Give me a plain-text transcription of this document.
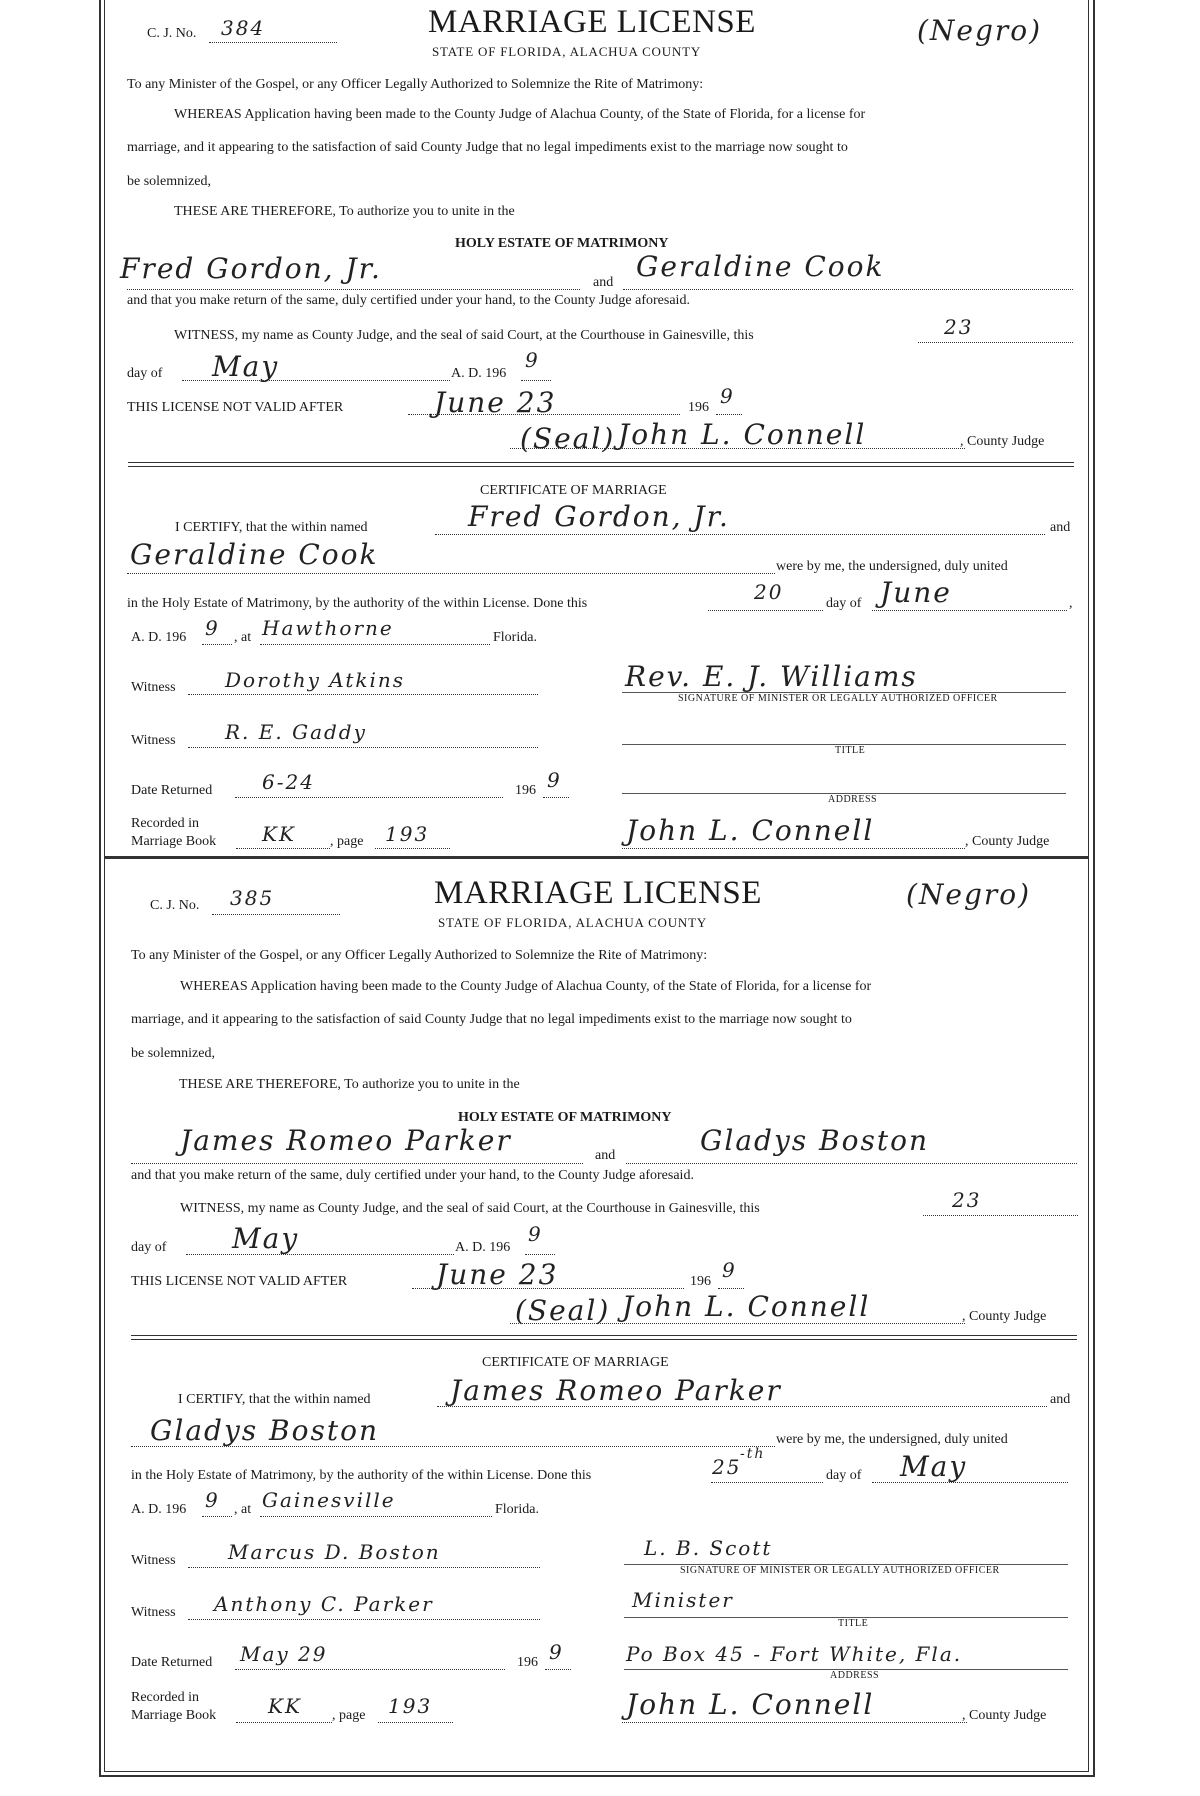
C. J. No. 384	MARRIAGE LICENSE
STATE OF FLORIDA, ALACHUA COUNTY
(Negro)
To any Minister of the Gospel, or any Officer Legally Authorized to Solemnize the Rite of Matrimony:
WHEREAS Application having been made to the County Judge of Alachua County, of the State of Florida, for a license for
marriage, and it appearing to the satisfaction of said County Judge that no legal impediments exist to the marriage now sought to
be solemnized,
THESE ARE THEREFORE, To authorize you to unite in the
HOLY ESTATE OF MATRIMONY
Fred Gordon, Jr.	and Geraldine Cook
and that you make return of the same, duly certified under your hand, to the County Judge aforesaid.
WITNESS, my name as County Judge, and the seal of said Court, at the Courthouse in Gainesville, this	23
day of May	A. D. 196
9
THIS LICENSE NOT VALID AFTER	June 23	196 9
(Seal) John L. Connell	, County Judge
CERTIFICATE OF MARRIAGE
I CERTIFY, that the within named	Fred Gordon, Jr.	and
Geraldine Cook	were by me, the undersigned, duly united
in the Holy Estate of Matrimony, by the authority of the within License. Done this	20	day of June	,
A. D. 196 9 , at Hawthorne	Florida.
Witness Dorothy Atkins	Rev. E. J. Williams
SIGNATURE OF MINISTER OR LEGALLY AUTHORIZED OFFICER
Witness R. E. Gaddy
TITLE
Date Returned 6-24	196 9
ADDRESS
Recorded in
Marriage Book KK , page 193	John L. Connell	, County Judge
C. J. No. 385	MARRIAGE LICENSE
STATE OF FLORIDA, ALACHUA COUNTY
(Negro)
To any Minister of the Gospel, or any Officer Legally Authorized to Solemnize the Rite of Matrimony:
WHEREAS Application having been made to the County Judge of Alachua County, of the State of Florida, for a license for
marriage, and it appearing to the satisfaction of said County Judge that no legal impediments exist to the marriage now sought to
be solemnized,
THESE ARE THEREFORE, To authorize you to unite in the
HOLY ESTATE OF MATRIMONY
James Romeo Parker	and	Gladys Boston
and that you make return of the same, duly certified under your hand, to the County Judge aforesaid.
WITNESS, my name as County Judge, and the seal of said Court, at the Courthouse in Gainesville, this	23
day of May	A. D. 196
9
THIS LICENSE NOT VALID AFTER	June 23	196 9
(Seal) John L. Connell	, County Judge
CERTIFICATE OF MARRIAGE
I CERTIFY, that the within named	James Romeo Parker	and
Gladys Boston	were by me, the undersigned, duly united
in the Holy Estate of Matrimony, by the authority of the within License. Done this	25
-th
day of May
A. D. 196 9 , at Gainesville	Florida.
Witness	Marcus D. Boston	L. B. Scott
SIGNATURE OF MINISTER OR LEGALLY AUTHORIZED OFFICER
Witness Anthony C. Parker	Minister
TITLE
Date Returned May 29	196 9	Po Box 45 - Fort White, Fla.
ADDRESS
Recorded in
Marriage Book	KK , page 193	John L. Connell	, County Judge
